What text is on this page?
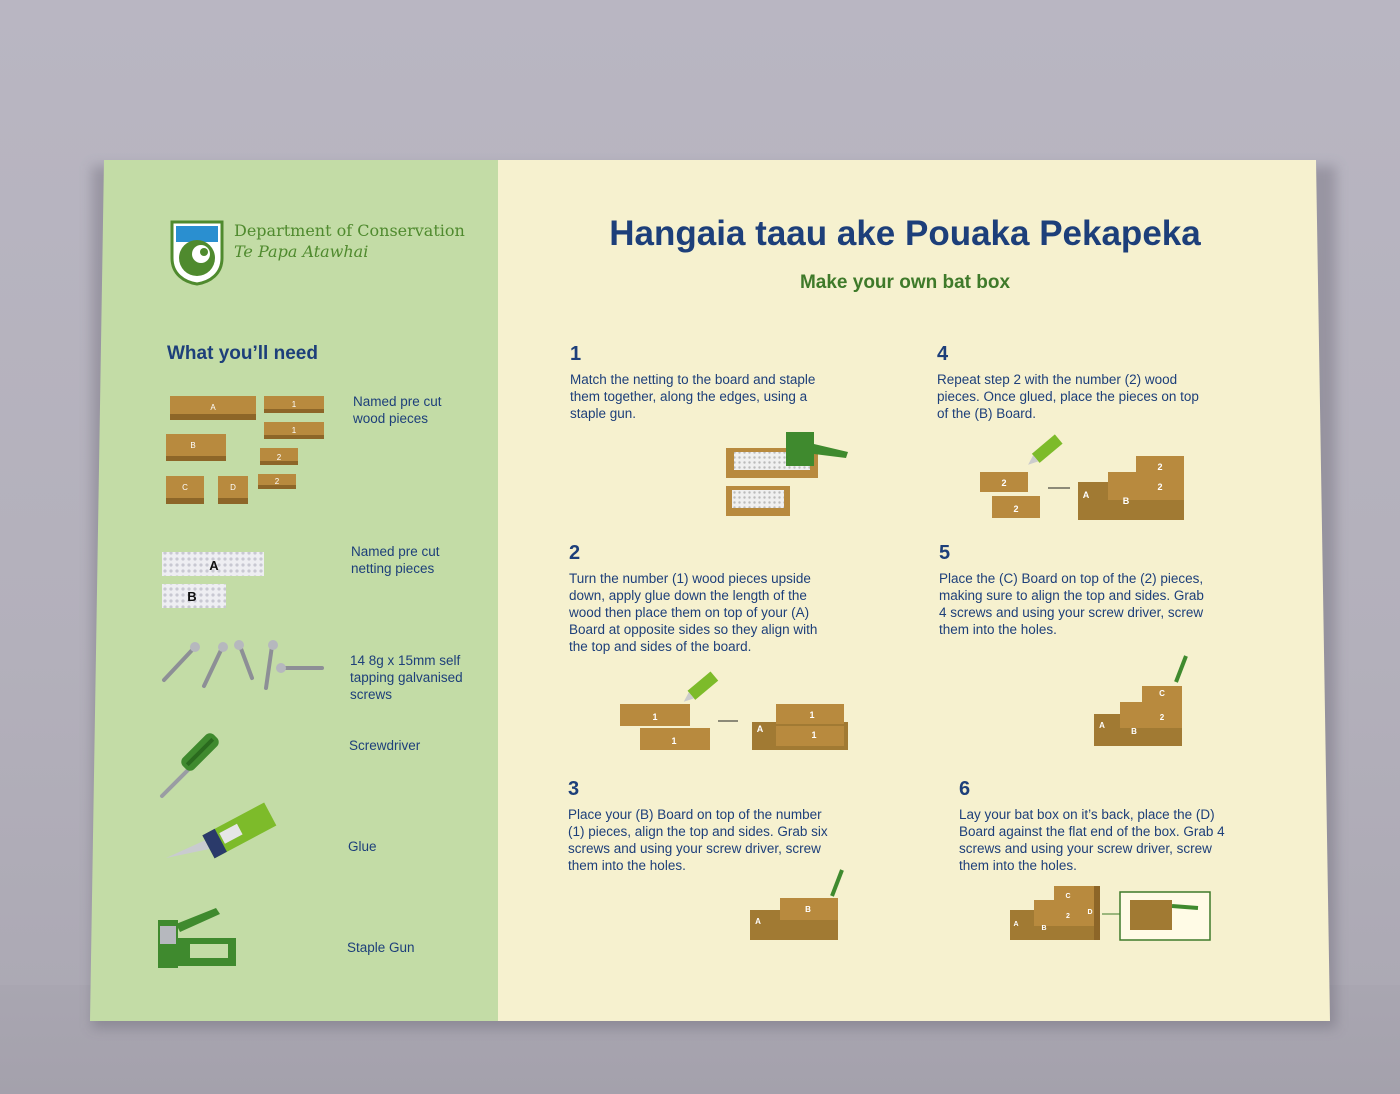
Department of Conservation
Te Papa Atawhai
What you’ll need
A	1
1
B
2
2
C	D
Named pre cut
wood pieces
A
B
Named pre cut
netting pieces
14 8g x 15mm self
tapping galvanised
screws
Screwdriver
Glue
Staple Gun
Hangaia taau ake Pouaka Pekapeka
Make your own bat box
1
Match the netting to the board and staple them together, along the edges, using a staple gun.
2
Turn the number (1) wood pieces upside down, apply glue down the length of the wood then place them on top of your (A) Board at opposite sides so they align with the top and sides of the board.
1
1
A
1
1
3
Place your (B) Board on top of the number (1) pieces, align the top and sides. Grab six screws and using your screw driver, screw them into the holes.
A
B
4
Repeat step 2 with the number (2) wood pieces. Once glued, place the pieces on top of the (B) Board.
2
2
A
B
2
2
5
Place the (C) Board on top of the (2) pieces, making sure to align the top and sides. Grab 4 screws and using your screw driver, screw them into the holes.
A
B
C
2
6
Lay your bat box on it’s back, place the (D) Board against the flat end of the box. Grab 4 screws and using your screw driver, screw them into the holes.
A
B
C
2
D
